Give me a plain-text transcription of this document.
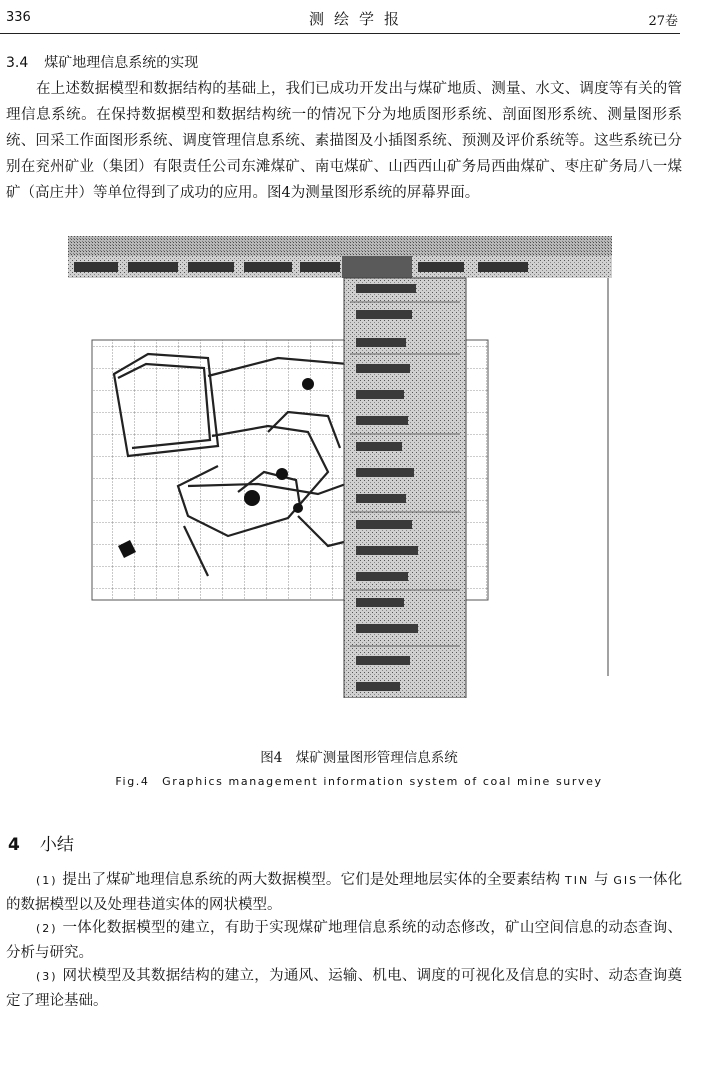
336	测绘学报	27卷
3.4 煤矿地理信息系统的实现
在上述数据模型和数据结构的基础上，我们已成功开发出与煤矿地质、测量、水文、调度等有关的管理信息系统。在保持数据模型和数据结构统一的情况下分为地质图形系统、剖面图形系统、测量图形系统、回采工作面图形系统、调度管理信息系统、素描图及小插图系统、预测及评价系统等。这些系统已分别在兖州矿业（集团）有限责任公司东滩煤矿、南屯煤矿、山西西山矿务局西曲煤矿、枣庄矿务局八一煤矿（高庄井）等单位得到了成功的应用。图4为测量图形系统的屏幕界面。
图4　煤矿测量图形管理信息系统
Fig.4　Graphics management information system of coal mine survey
4 小结
(1) 提出了煤矿地理信息系统的两大数据模型。它们是处理地层实体的全要素结构 TIN 与 GIS一体化的数据模型以及处理巷道实体的网状模型。
(2) 一体化数据模型的建立，有助于实现煤矿地理信息系统的动态修改，矿山空间信息的动态查询、分析与研究。
(3) 网状模型及其数据结构的建立，为通风、运输、机电、调度的可视化及信息的实时、动态查询奠定了理论基础。
